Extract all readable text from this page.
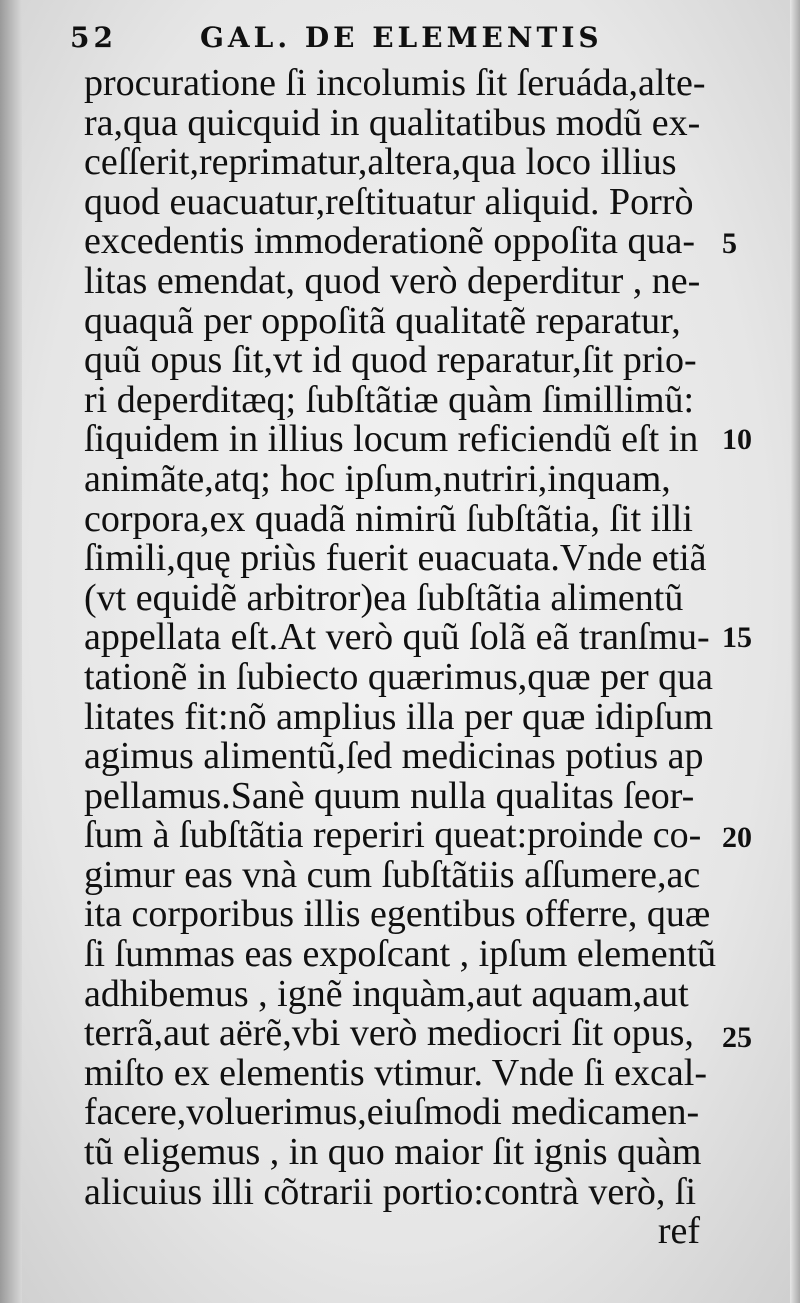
52	GAL. DE ELEMENTIS
procuratione ſi incolumis ſit ſeruáda,alte-
ra,qua quicquid in qualitatibus modũ ex-
ceſſerit,reprimatur,altera,qua loco illius
quod euacuatur,reſtituatur aliquid. Porrò
excedentis immoderationẽ oppoſita qua-
litas emendat, quod verò deperditur , ne-
quaquã per oppoſitã qualitatẽ reparatur,
quũ opus ſit,vt id quod reparatur,ſit prio-
ri deperditæq; ſubſtãtiæ quàm ſimillimũ:
ſiquidem in illius locum reficiendũ eſt in
animãte,atq; hoc ipſum,nutriri,inquam,
corpora,ex quadã nimirũ ſubſtãtia, ſit illi
ſimili,quę priùs fuerit euacuata.Vnde etiã
(vt equidẽ arbitror)ea ſubſtãtia alimentũ
appellata eſt.At verò quũ ſolã eã tranſmu-
tationẽ in ſubiecto quærimus,quæ per qua
litates fit:nõ amplius illa per quæ idipſum
agimus alimentũ,ſed medicinas potius ap
pellamus.Sanè quum nulla qualitas ſeor-
ſum à ſubſtãtia reperiri queat:proinde co-
gimur eas vnà cum ſubſtãtiis aſſumere,ac
ita corporibus illis egentibus offerre, quæ
ſi ſummas eas expoſcant , ipſum elementũ
adhibemus , ignẽ inquàm,aut aquam,aut
terrã,aut aërẽ,vbi verò mediocri ſit opus,
miſto ex elementis vtimur. Vnde ſi excal-
facere,voluerimus,eiuſmodi medicamen-
tũ eligemus , in quo maior ſit ignis quàm
alicuius illi cõtrarii portio:contrà verò, ſi
ref
5
10
15
20
25
